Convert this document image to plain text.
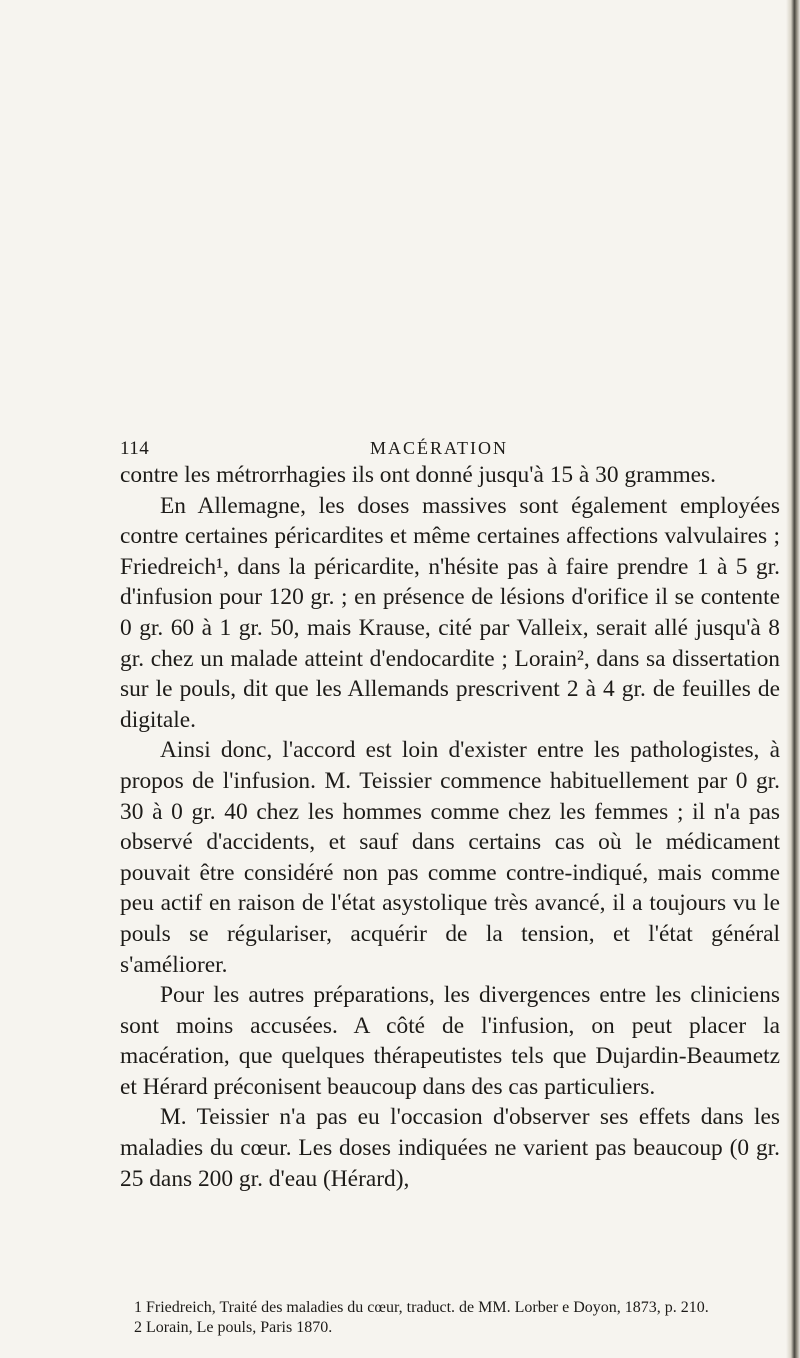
114	MACÉRATION

contre les métrorrhagies ils ont donné jusqu'à 15 à 30 grammes.

En Allemagne, les doses massives sont également employées contre certaines péricardites et même certaines affections valvulaires ; Friedreich¹, dans la péricardite, n'hésite pas à faire prendre 1 à 5 gr. d'infusion pour 120 gr. ; en présence de lésions d'orifice il se contente 0 gr. 60 à 1 gr. 50, mais Krause, cité par Valleix, serait allé jusqu'à 8 gr. chez un malade atteint d'endocardite ; Lorain², dans sa dissertation sur le pouls, dit que les Allemands prescrivent 2 à 4 gr. de feuilles de digitale.

Ainsi donc, l'accord est loin d'exister entre les pathologistes, à propos de l'infusion. M. Teissier commence habituellement par 0 gr. 30 à 0 gr. 40 chez les hommes comme chez les femmes ; il n'a pas observé d'accidents, et sauf dans certains cas où le médicament pouvait être considéré non pas comme contre-indiqué, mais comme peu actif en raison de l'état asystolique très avancé, il a toujours vu le pouls se régulariser, acquérir de la tension, et l'état général s'améliorer.

Pour les autres préparations, les divergences entre les cliniciens sont moins accusées. A côté de l'infusion, on peut placer la macération, que quelques thérapeutistes tels que Dujardin-Beaumetz et Hérard préconisent beaucoup dans des cas particuliers.

M. Teissier n'a pas eu l'occasion d'observer ses effets dans les maladies du cœur. Les doses indiquées ne varient pas beaucoup (0 gr. 25 dans 200 gr. d'eau (Hérard),

1 Friedreich, Traité des maladies du cœur, traduct. de MM. Lorber e Doyon, 1873, p. 210.

2 Lorain, Le pouls, Paris 1870.
